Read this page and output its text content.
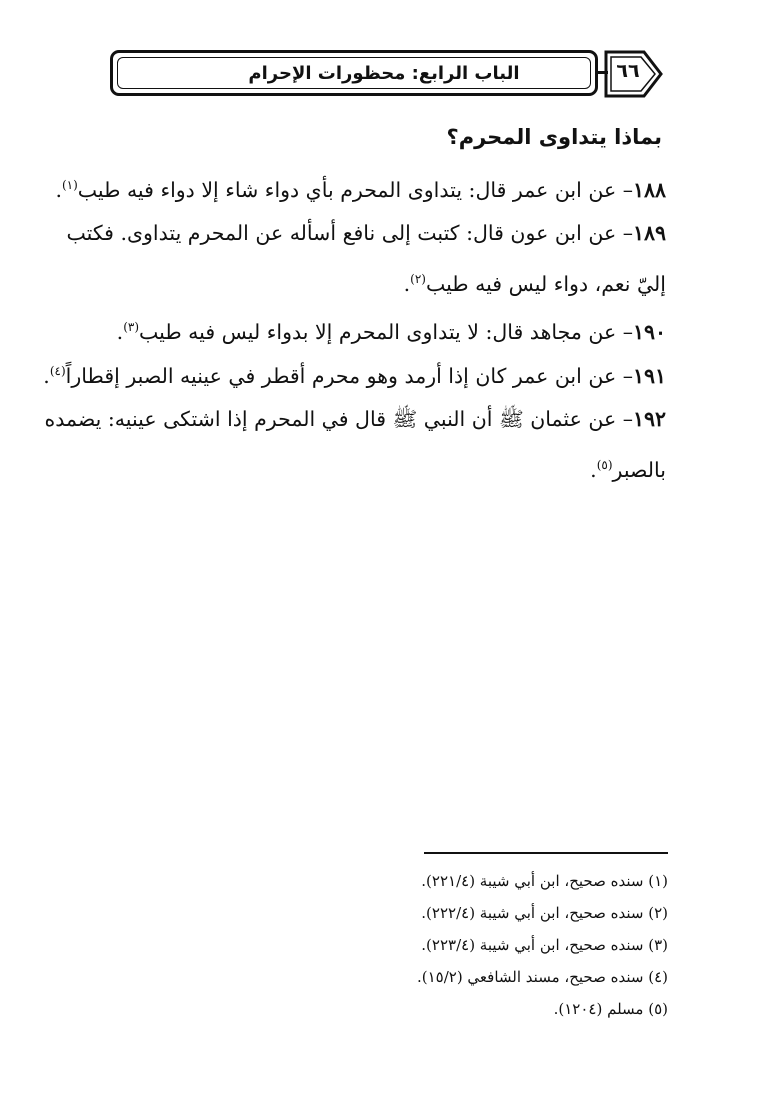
الباب الرابع: محظورات الإحرام	٦٦
بماذا يتداوى المحرم؟
١٨٨– عن ابن عمر قال: يتداوى المحرم بأي دواء شاء إلا دواء فيه طيب$^{(١)}$.
١٨٩– عن ابن عون قال: كتبت إلى نافع أسأله عن المحرم يتداوى. فكتب
إليّ نعم، دواء ليس فيه طيب$^{(٢)}$.
١٩٠– عن مجاهد قال: لا يتداوى المحرم إلا بدواء ليس فيه طيب$^{(٣)}$.
١٩١– عن ابن عمر كان إذا أرمد وهو محرم أقطر في عينيه الصبر إقطاراً$^{(٤)}$.
١٩٢– عن عثمان ﷺ أن النبي ﷺ قال في المحرم إذا اشتكى عينيه: يضمده
بالصبر$^{(٥)}$.
(١) سنده صحيح، ابن أبي شيبة (٢٢١/٤).
(٢) سنده صحيح، ابن أبي شيبة (٢٢٢/٤).
(٣) سنده صحيح، ابن أبي شيبة (٢٢٣/٤).
(٤) سنده صحيح، مسند الشافعي (١٥/٢).
(٥) مسلم (١٢٠٤).
